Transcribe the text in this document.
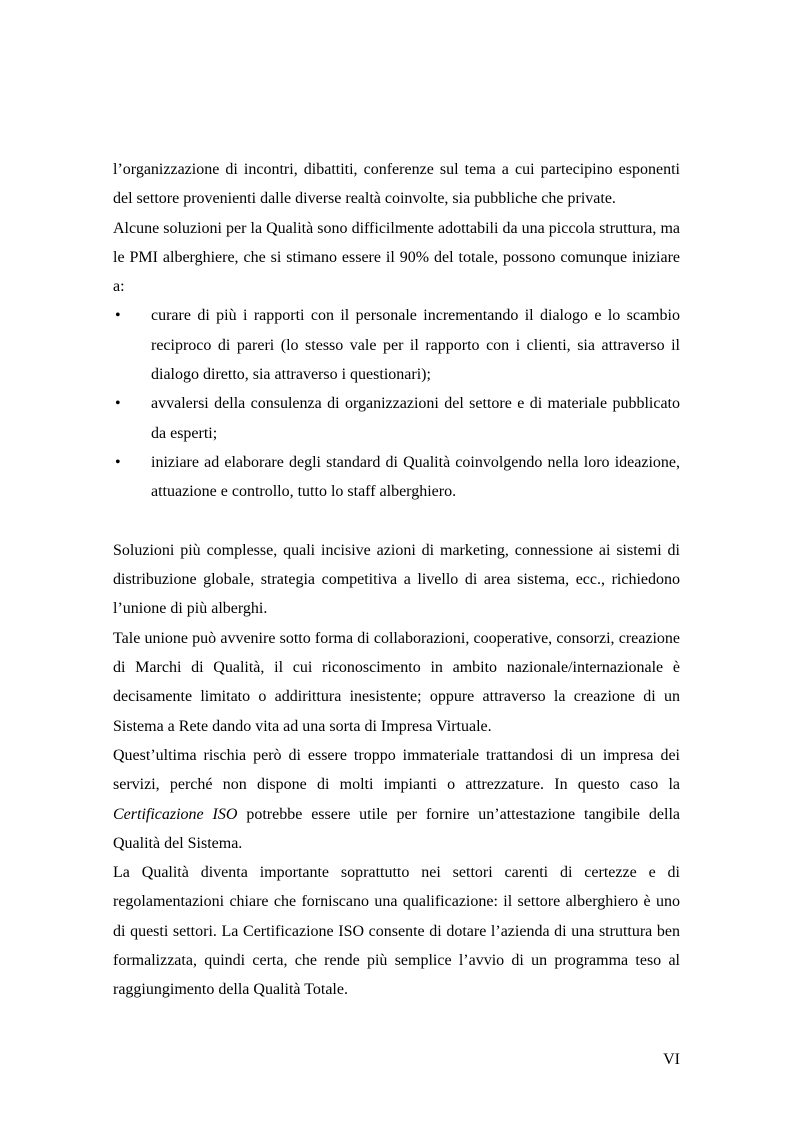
l’organizzazione di incontri, dibattiti, conferenze sul tema a cui partecipino esponenti
del settore provenienti dalle diverse realtà coinvolte, sia pubbliche che private.
Alcune soluzioni per la Qualità sono difficilmente adottabili da una piccola struttura, ma
le PMI alberghiere, che si stimano essere il 90% del totale, possono comunque iniziare
a:
• curare di più i rapporti con il personale incrementando il dialogo e lo scambio
reciproco di pareri (lo stesso vale per il rapporto con i clienti, sia attraverso il
dialogo diretto, sia attraverso i questionari);
• avvalersi della consulenza di organizzazioni del settore e di materiale pubblicato
da esperti;
• iniziare ad elaborare degli standard di Qualità coinvolgendo nella loro ideazione,
attuazione e controllo, tutto lo staff alberghiero.
Soluzioni più complesse, quali incisive azioni di marketing, connessione ai sistemi di
distribuzione globale, strategia competitiva a livello di area sistema, ecc., richiedono
l’unione di più alberghi.
Tale unione può avvenire sotto forma di collaborazioni, cooperative, consorzi, creazione
di Marchi di Qualità, il cui riconoscimento in ambito nazionale/internazionale è
decisamente limitato o addirittura inesistente; oppure attraverso la creazione di un
Sistema a Rete dando vita ad una sorta di Impresa Virtuale.
Quest’ultima rischia però di essere troppo immateriale trattandosi di un impresa dei
servizi, perché non dispone di molti impianti o attrezzature. In questo caso la
Certificazione ISO potrebbe essere utile per fornire un’attestazione tangibile della
Qualità del Sistema.
La Qualità diventa importante soprattutto nei settori carenti di certezze e di
regolamentazioni chiare che forniscano una qualificazione: il settore alberghiero è uno
di questi settori. La Certificazione ISO consente di dotare l’azienda di una struttura ben
formalizzata, quindi certa, che rende più semplice l’avvio di un programma teso al
raggiungimento della Qualità Totale.
VI
